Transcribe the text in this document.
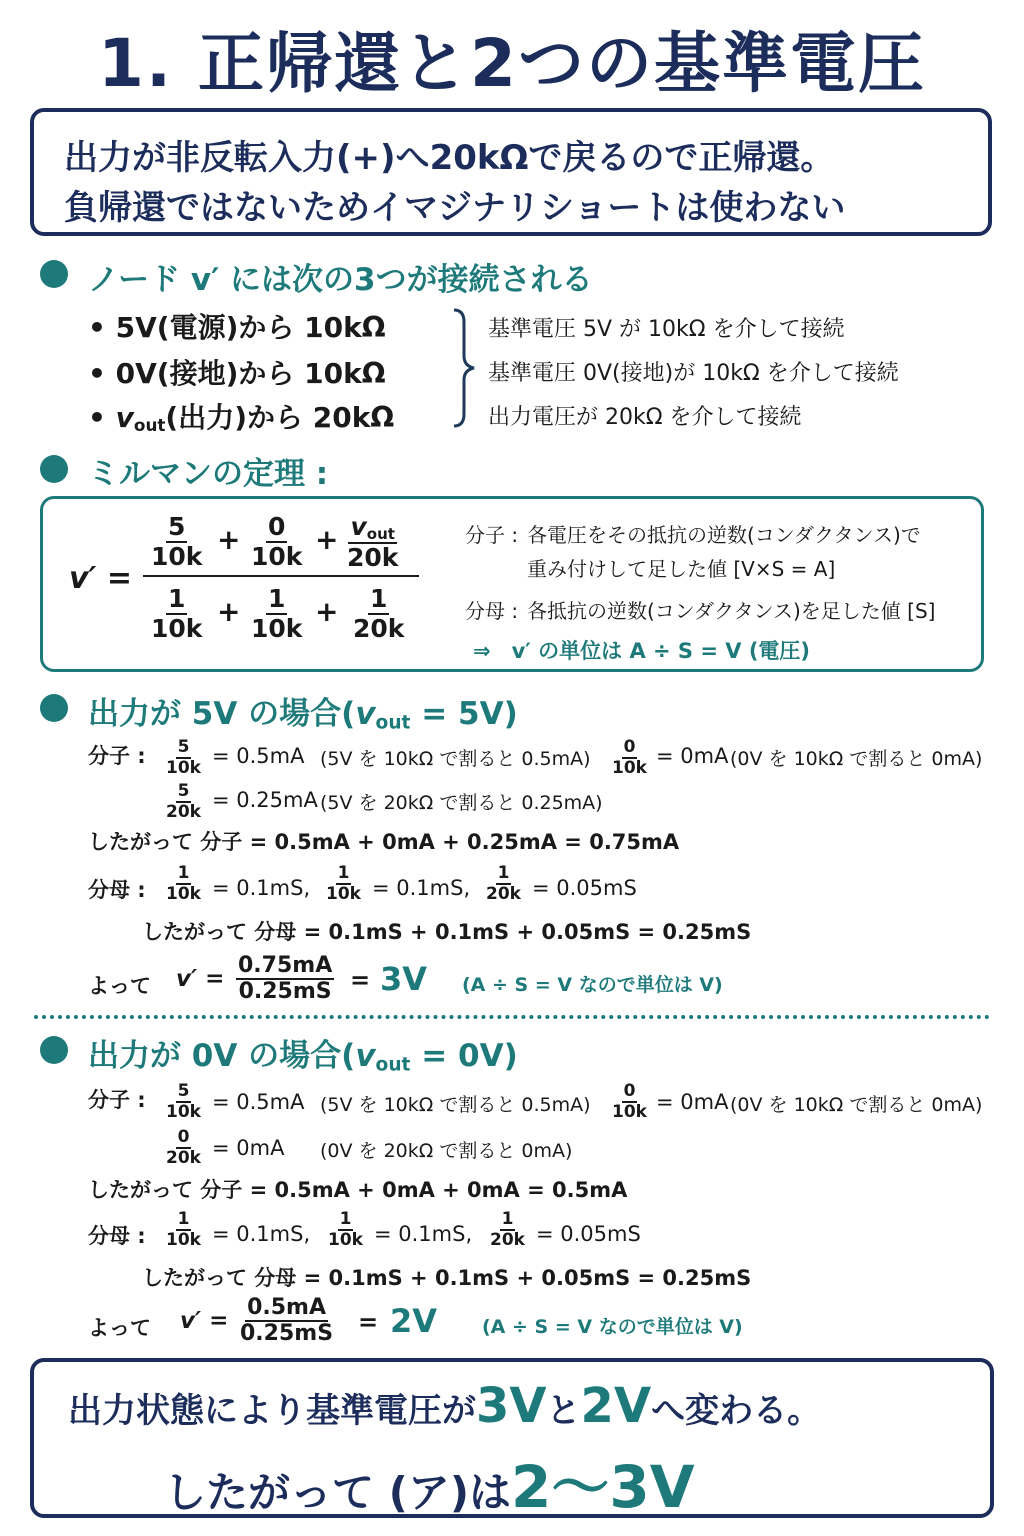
1. 正帰還と2つの基準電圧
出力が非反転入力(+)へ20kΩで戻るので正帰還。
負帰還ではないためイマジナリショートは使わない
ノード v′ には次の3つが接続される
• 5V(電源)から 10kΩ
• 0V(接地)から 10kΩ
• $v_{out}$(出力)から 20kΩ
基準電圧 5V が 10kΩ を介して接続
基準電圧 0V(接地)が 10kΩ を介して接続
出力電圧が 20kΩ を介して接続
ミルマンの定理 :
v′ =
$\frac{5}{10k} + \frac{0}{10k} + v_{out}$
20k
$\frac{1}{10k} + \frac{1}{10k} + \frac{1}{20k}$
分子 : 各電圧をその抵抗の逆数(コンダクタンス)で
重み付けして足した値 [V×S = A]
分母 : 各抵抗の逆数(コンダクタンス)を足した値 [S]
⇒　v′ の単位は A ÷ S = V (電圧)
出力が 5V の場合$(v_{out} = 5V)$
分子 : $\frac{5}{10k} = 0.5mA$ (5V を 10kΩ で割ると $0.5mA) \frac{0}{10k} = 0mA$ (0V を 10kΩ で割ると 0mA)
$\frac{5}{20k} = 0.25mA$ (5V を 20kΩ で割ると 0.25mA)
したがって 分子 = 0.5mA + 0mA + 0.25mA = 0.75mA
分母 : $\frac{1}{10k} = 0.1mS$, $\frac{1}{10k} = 0.1mS$, $\frac{1}{20k} = 0.05mS$
したがって 分母 = 0.1mS + 0.1mS + 0.05mS = 0.25mS
よって $v' = \frac{0.75mA}{0.25mS} = 3V$ (A ÷ S = V なので単位は V)
出力が 0V の場合$(v_{out} = 0V)$
分子 : $\frac{5}{10k} = 0.5mA$ (5V を 10kΩ で割ると $0.5mA) \frac{0}{10k} = 0mA$ (0V を 10kΩ で割ると 0mA)
$\frac{0}{20k} = 0mA$ (0V を 20kΩ で割ると 0mA)
したがって 分子 = 0.5mA + 0mA + 0mA = 0.5mA
分母 : $\frac{1}{10k} = 0.1mS$, $\frac{1}{10k} = 0.1mS$, $\frac{1}{20k} = 0.05mS$
したがって 分母 = 0.1mS + 0.1mS + 0.05mS = 0.25mS
よって $v' = \frac{0.5mA}{0.25mS} = 2V$ (A ÷ S = V なので単位は V)
出力状態により基準電圧が3Vと2Vへ変わる。
したがって (ア)は2〜3V
